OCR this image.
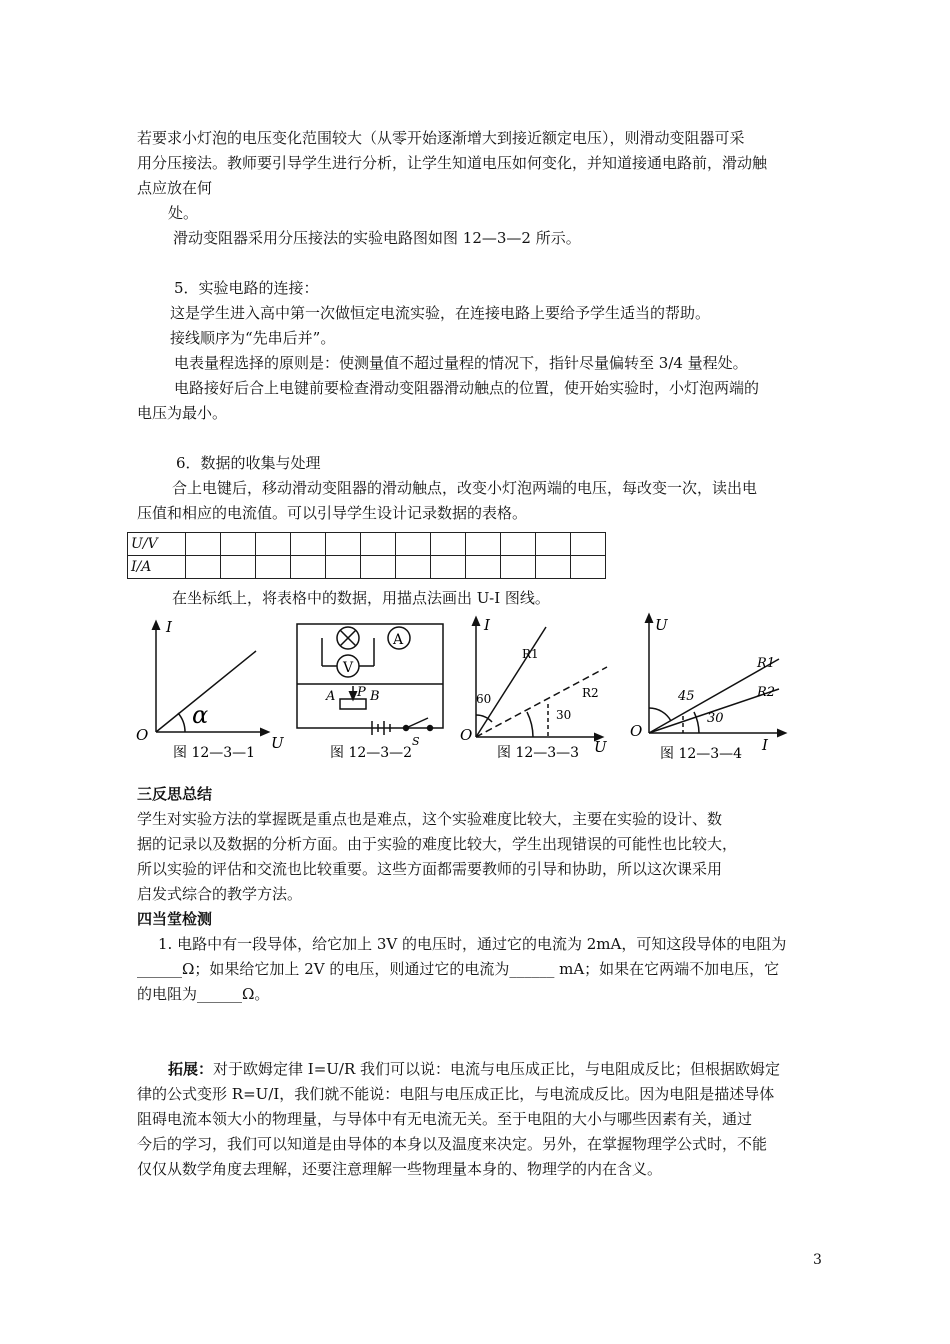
若要求小灯泡的电压变化范围较大（从零开始逐渐增大到接近额定电压），则滑动变阻器可采
用分压接法。教师要引导学生进行分析，让学生知道电压如何变化，并知道接通电路前，滑动触
点应放在何
处。
滑动变阻器采用分压接法的实验电路图如图 12—3—2 所示。
5．实验电路的连接：
这是学生进入高中第一次做恒定电流实验，在连接电路上要给予学生适当的帮助。
接线顺序为“先串后并”。
电表量程选择的原则是：使测量值不超过量程的情况下，指针尽量偏转至 3/4 量程处。
电路接好后合上电键前要检查滑动变阻器滑动触点的位置，使开始实验时，小灯泡两端的
电压为最小。
6．数据的收集与处理
合上电键后，移动滑动变阻器的滑动触点，改变小灯泡两端的电压，每改变一次，读出电
压值和相应的电流值。可以引导学生设计记录数据的表格。
U/V												
I/A												
在坐标纸上，将表格中的数据，用描点法画出 U-I 图线。
I
U
O
α
图 12—3—1
A
V
A P B
S
图 12—3—2
I
U
O
R1
R2
60
30
图 12—3—3
U
I
O
R1
R2
45
30
图 12—3—4
三反思总结
学生对实验方法的掌握既是重点也是难点，这个实验难度比较大，主要在实验的设计、数
据的记录以及数据的分析方面。由于实验的难度比较大，学生出现错误的可能性也比较大，
所以实验的评估和交流也比较重要。这些方面都需要教师的引导和协助，所以这次课采用
启发式综合的教学方法。
四当堂检测
1. 电路中有一段导体，给它加上 3V 的电压时，通过它的电流为 2mA，可知这段导体的电阻为
______Ω；如果给它加上 2V 的电压，则通过它的电流为______ mA；如果在它两端不加电压，它
的电阻为______Ω。
拓展：对于欧姆定律 I=U/R 我们可以说：电流与电压成正比，与电阻成反比；但根据欧姆定
律的公式变形 R=U/I，我们就不能说：电阻与电压成正比，与电流成反比。因为电阻是描述导体
阻碍电流本领大小的物理量，与导体中有无电流无关。至于电阻的大小与哪些因素有关，通过
今后的学习，我们可以知道是由导体的本身以及温度来决定。另外，在掌握物理学公式时，不能
仅仅从数学角度去理解，还要注意理解一些物理量本身的、物理学的内在含义。
3
